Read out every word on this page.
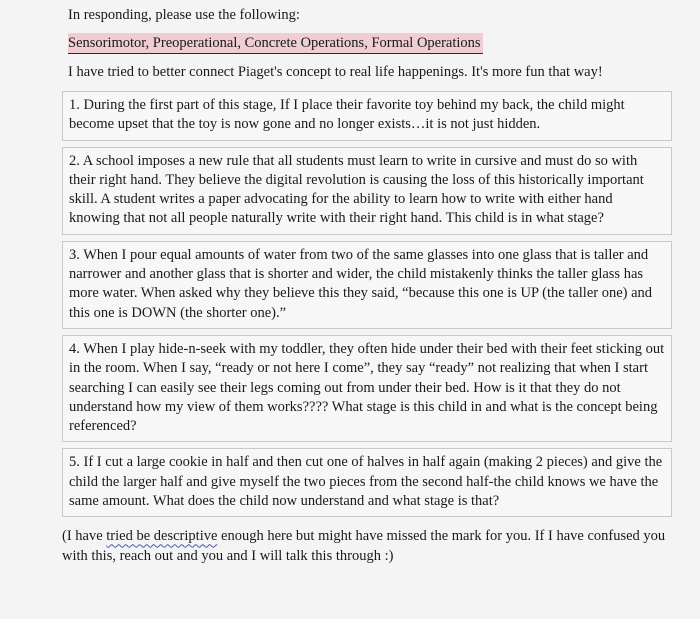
In responding, please use the following:
Sensorimotor, Preoperational, Concrete Operations, Formal Operations
I have tried to better connect Piaget's concept to real life happenings. It's more fun that way!
1. During the first part of this stage, If I place their favorite toy behind my back, the child might become upset that the toy is now gone and no longer exists…it is not just hidden.
2. A school imposes a new rule that all students must learn to write in cursive and must do so with their right hand. They believe the digital revolution is causing the loss of this historically important skill. A student writes a paper advocating for the ability to learn how to write with either hand knowing that not all people naturally write with their right hand. This child is in what stage?
3. When I pour equal amounts of water from two of the same glasses into one glass that is taller and narrower and another glass that is shorter and wider, the child mistakenly thinks the taller glass has more water. When asked why they believe this they said, “because this one is UP (the taller one) and this one is DOWN (the shorter one).”
4. When I play hide-n-seek with my toddler, they often hide under their bed with their feet sticking out in the room. When I say, “ready or not here I come”, they say “ready” not realizing that when I start searching I can easily see their legs coming out from under their bed. How is it that they do not understand how my view of them works???? What stage is this child in and what is the concept being referenced?
5. If I cut a large cookie in half and then cut one of halves in half again (making 2 pieces) and give the child the larger half and give myself the two pieces from the second half-the child knows we have the same amount. What does the child now understand and what stage is that?
(I have tried be descriptive enough here but might have missed the mark for you. If I have confused you with this, reach out and you and I will talk this through :)
